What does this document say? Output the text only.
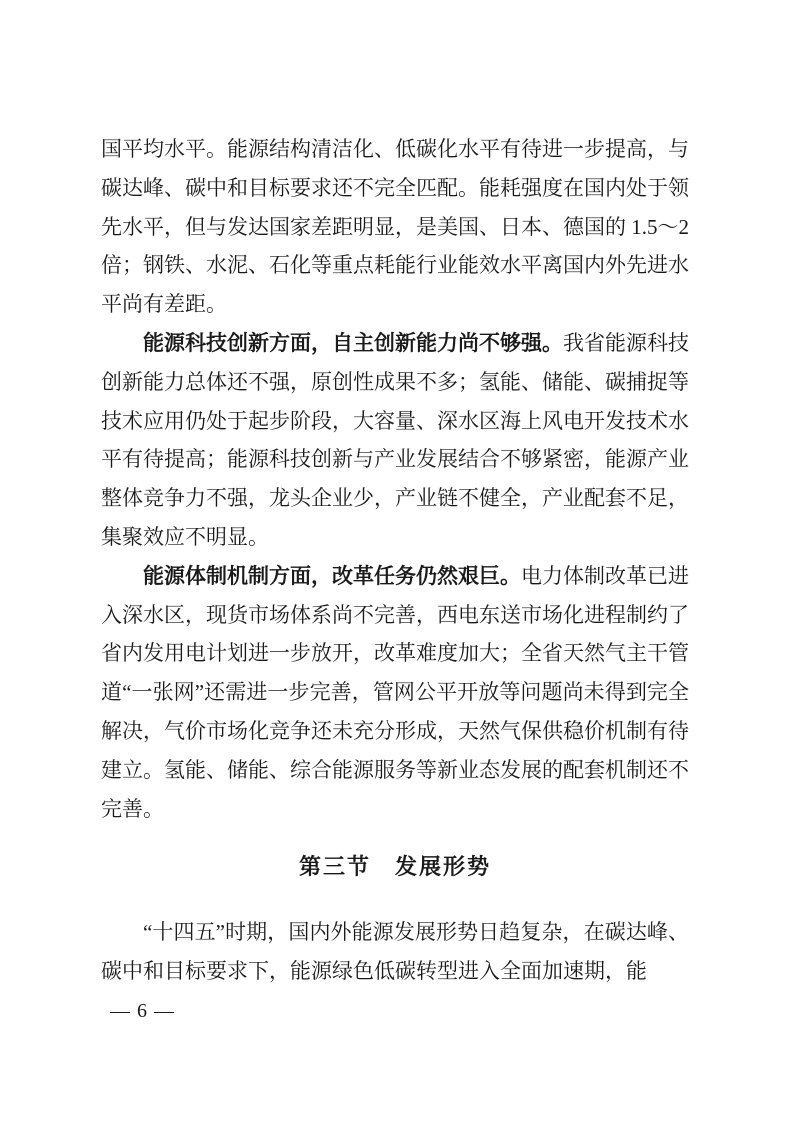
国平均水平。能源结构清洁化、低碳化水平有待进一步提高，与碳达峰、碳中和目标要求还不完全匹配。能耗强度在国内处于领先水平，但与发达国家差距明显，是美国、日本、德国的 1.5～2 倍；钢铁、水泥、石化等重点耗能行业能效水平离国内外先进水平尚有差距。

能源科技创新方面，自主创新能力尚不够强。我省能源科技创新能力总体还不强，原创性成果不多；氢能、储能、碳捕捉等技术应用仍处于起步阶段，大容量、深水区海上风电开发技术水平有待提高；能源科技创新与产业发展结合不够紧密，能源产业整体竞争力不强，龙头企业少，产业链不健全，产业配套不足，集聚效应不明显。

能源体制机制方面，改革任务仍然艰巨。电力体制改革已进入深水区，现货市场体系尚不完善，西电东送市场化进程制约了省内发用电计划进一步放开，改革难度加大；全省天然气主干管道“一张网”还需进一步完善，管网公平开放等问题尚未得到完全解决，气价市场化竞争还未充分形成，天然气保供稳价机制有待建立。氢能、储能、综合能源服务等新业态发展的配套机制还不完善。

第三节　发展形势

“十四五”时期，国内外能源发展形势日趋复杂，在碳达峰、碳中和目标要求下，能源绿色低碳转型进入全面加速期，能

— 6 —
